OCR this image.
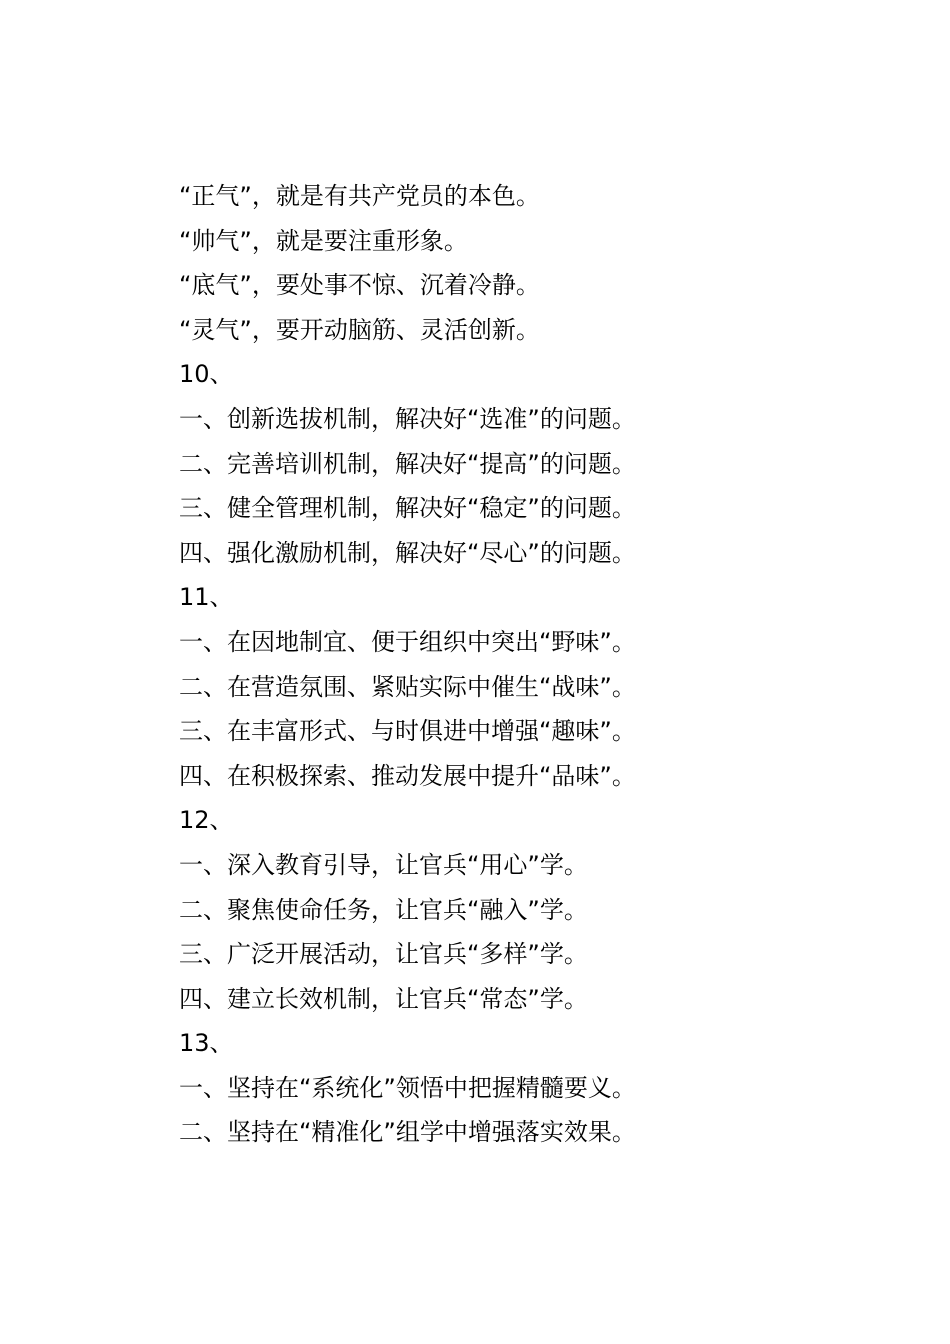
“正气”，就是有共产党员的本色。
“帅气”，就是要注重形象。
“底气”，要处事不惊、沉着冷静。
“灵气”，要开动脑筋、灵活创新。
10、
一、创新选拔机制，解决好“选准”的问题。
二、完善培训机制，解决好“提高”的问题。
三、健全管理机制，解决好“稳定”的问题。
四、强化激励机制，解决好“尽心”的问题。
11、
一、在因地制宜、便于组织中突出“野味”。
二、在营造氛围、紧贴实际中催生“战味”。
三、在丰富形式、与时俱进中增强“趣味”。
四、在积极探索、推动发展中提升“品味”。
12、
一、深入教育引导，让官兵“用心”学。
二、聚焦使命任务，让官兵“融入”学。
三、广泛开展活动，让官兵“多样”学。
四、建立长效机制，让官兵“常态”学。
13、
一、坚持在“系统化”领悟中把握精髓要义。
二、坚持在“精准化”组学中增强落实效果。
